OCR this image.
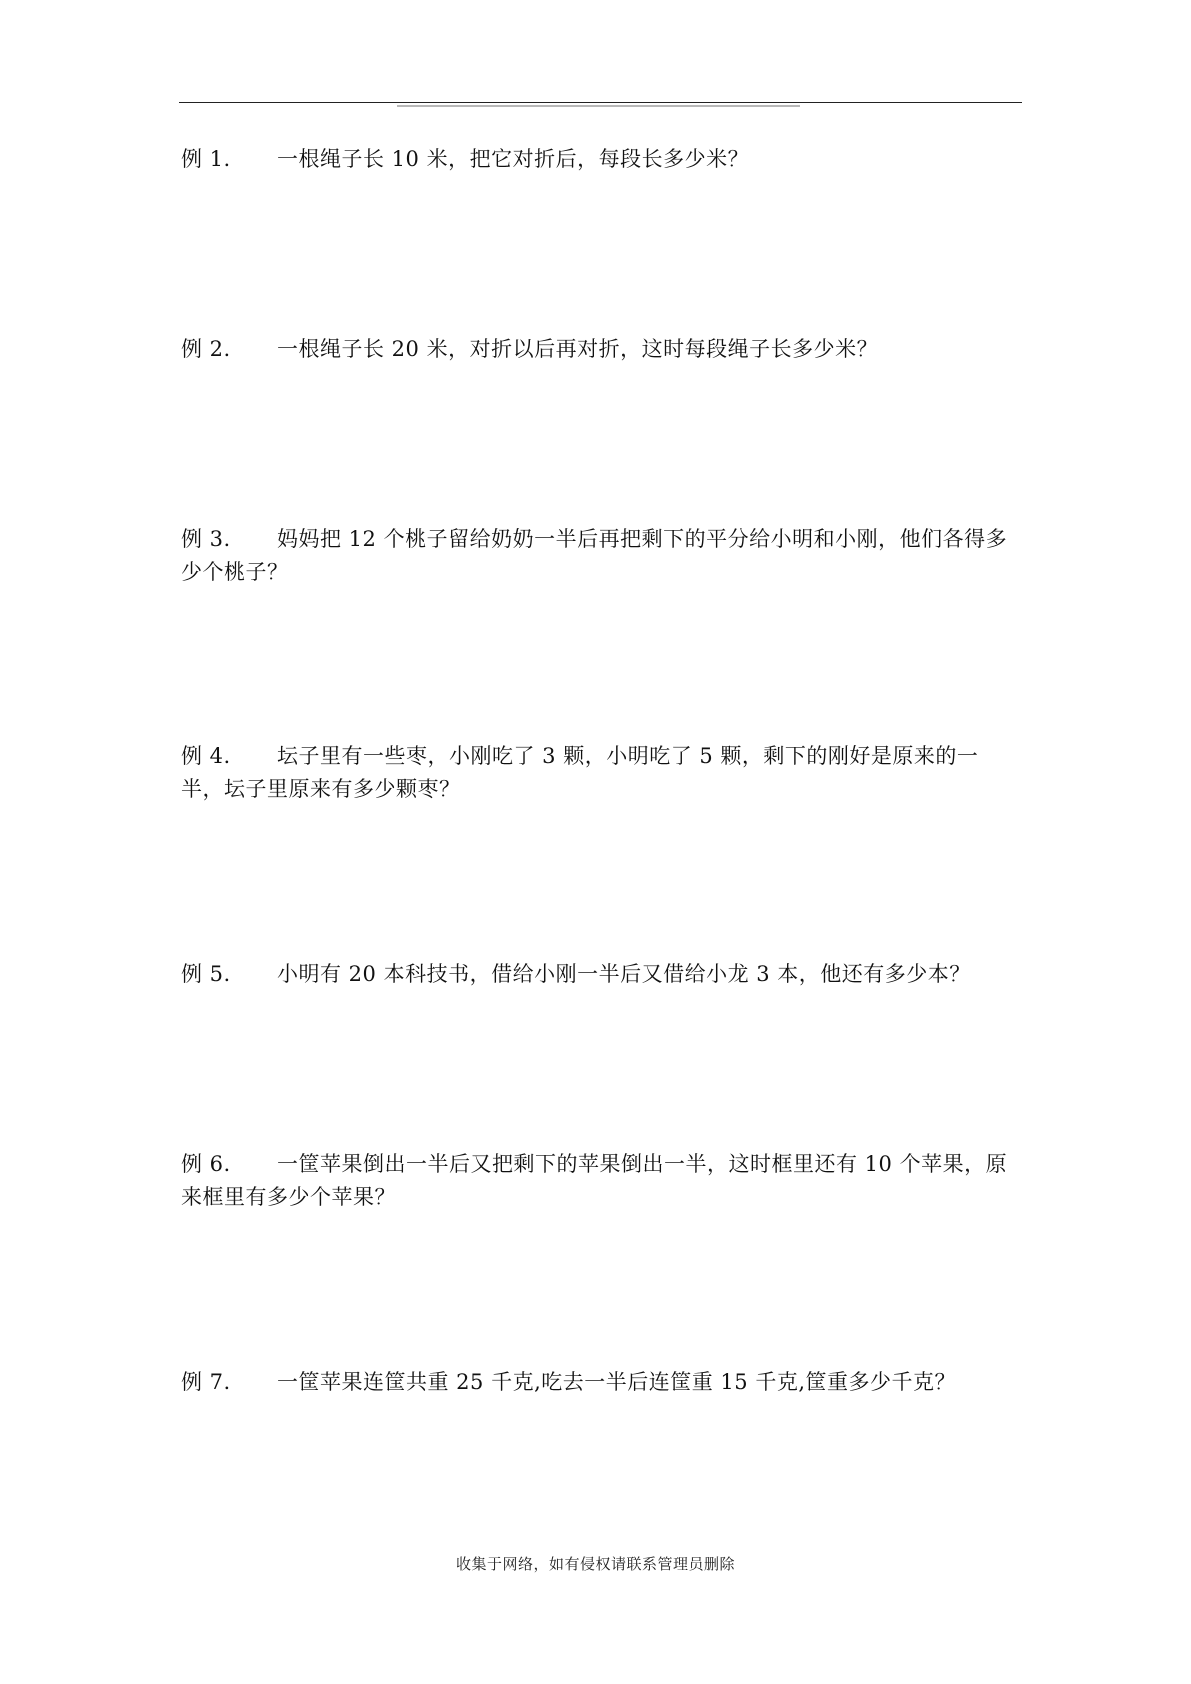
例 1. 一根绳子长 10 米，把它对折后，每段长多少米？
例 2. 一根绳子长 20 米，对折以后再对折，这时每段绳子长多少米？
例 3. 妈妈把 12 个桃子留给奶奶一半后再把剩下的平分给小明和小刚，他们各得多少个桃子？
例 4. 坛子里有一些枣，小刚吃了 3 颗，小明吃了 5 颗，剩下的刚好是原来的一半，坛子里原来有多少颗枣？
例 5. 小明有 20 本科技书，借给小刚一半后又借给小龙 3 本，他还有多少本？
例 6. 一筐苹果倒出一半后又把剩下的苹果倒出一半，这时框里还有 10 个苹果，原来框里有多少个苹果？
例 7. 一筐苹果连筐共重 25 千克,吃去一半后连筐重 15 千克,筐重多少千克？
收集于网络，如有侵权请联系管理员删除
